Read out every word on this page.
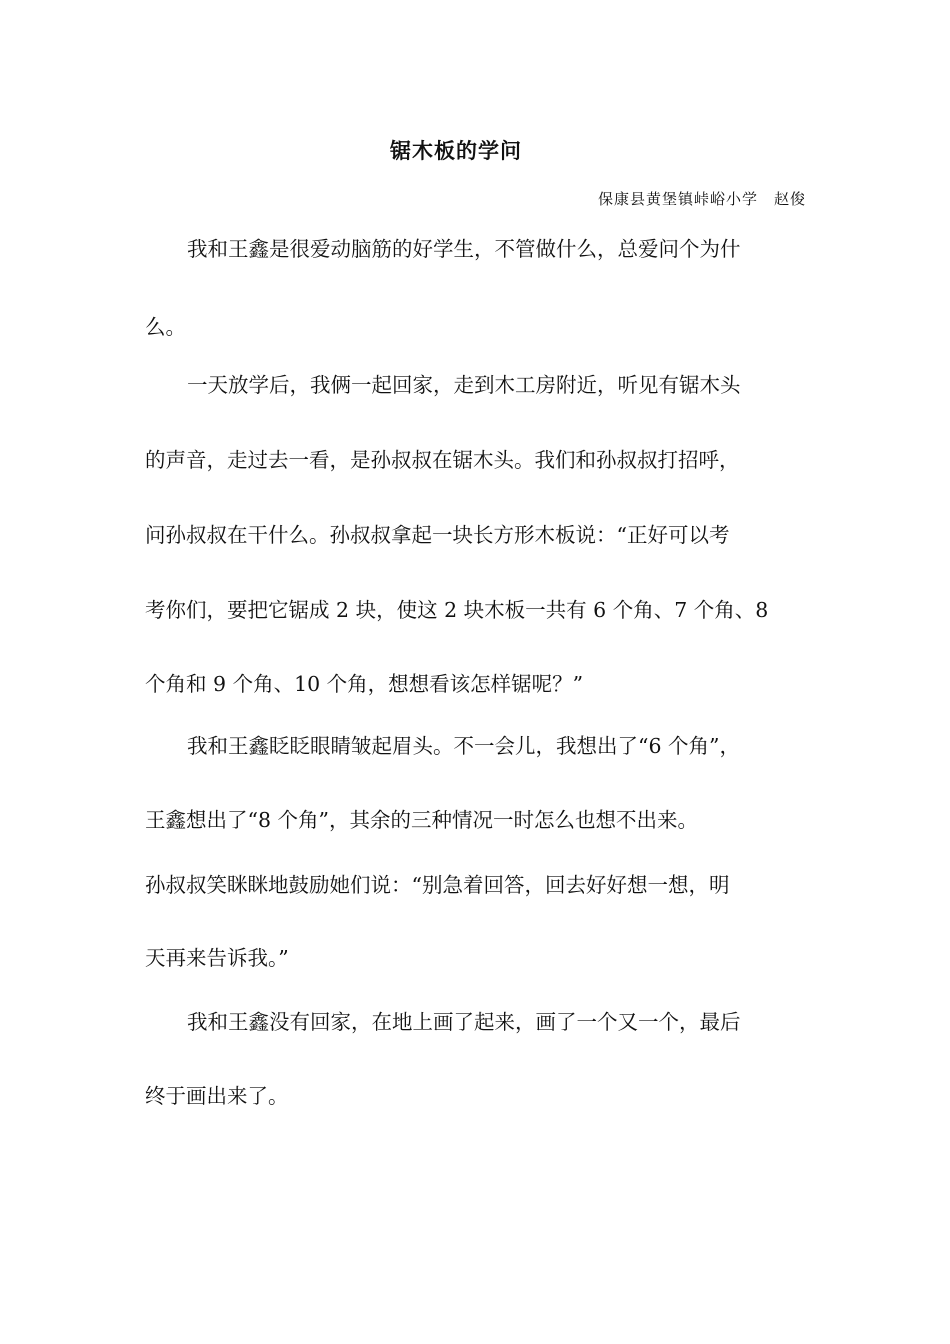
锯木板的学问
保康县黄堡镇峠峪小学　赵俊
我和王鑫是很爱动脑筋的好学生，不管做什么，总爱问个为什
么。
一天放学后，我俩一起回家，走到木工房附近，听见有锯木头
的声音，走过去一看，是孙叔叔在锯木头。我们和孙叔叔打招呼，
问孙叔叔在干什么。孙叔叔拿起一块长方形木板说：“正好可以考
考你们，要把它锯成 2 块，使这 2 块木板一共有 6 个角、7 个角、8
个角和 9 个角、10 个角，想想看该怎样锯呢？”
我和王鑫眨眨眼睛皱起眉头。不一会儿，我想出了“6 个角”，
王鑫想出了“8 个角”，其余的三种情况一时怎么也想不出来。
孙叔叔笑眯眯地鼓励她们说：“别急着回答，回去好好想一想，明
天再来告诉我。”
我和王鑫没有回家，在地上画了起来，画了一个又一个，最后
终于画出来了。
